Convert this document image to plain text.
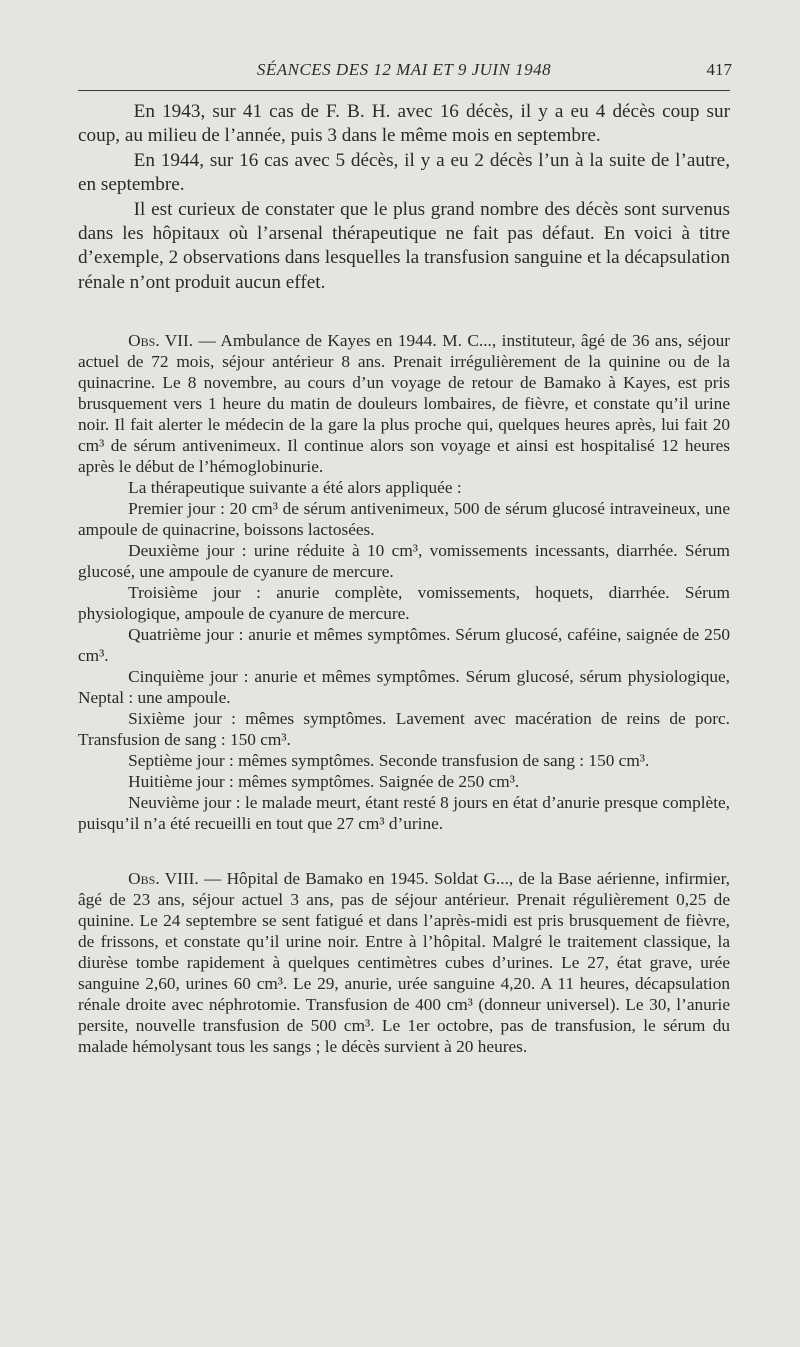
SÉANCES DES 12 MAI ET 9 JUIN 1948	417

En 1943, sur 41 cas de F. B. H. avec 16 décès, il y a eu 4 décès coup sur coup, au milieu de l’année, puis 3 dans le même mois en septembre.

En 1944, sur 16 cas avec 5 décès, il y a eu 2 décès l’un à la suite de l’autre, en septembre.

Il est curieux de constater que le plus grand nombre des décès sont survenus dans les hôpitaux où l’arsenal thérapeutique ne fait pas défaut. En voici à titre d’exemple, 2 observations dans lesquelles la transfusion sanguine et la décapsulation rénale n’ont produit aucun effet.

Obs. VII. — Ambulance de Kayes en 1944. M. C..., instituteur, âgé de 36 ans, séjour actuel de 72 mois, séjour antérieur 8 ans. Prenait irrégulièrement de la quinine ou de la quinacrine. Le 8 novembre, au cours d’un voyage de retour de Bamako à Kayes, est pris brusquement vers 1 heure du matin de douleurs lombaires, de fièvre, et constate qu’il urine noir. Il fait alerter le médecin de la gare la plus proche qui, quelques heures après, lui fait 20 cm³ de sérum antivenimeux. Il continue alors son voyage et ainsi est hospitalisé 12 heures après le début de l’hémoglobinurie.

La thérapeutique suivante a été alors appliquée :

Premier jour : 20 cm³ de sérum antivenimeux, 500 de sérum glucosé intraveineux, une ampoule de quinacrine, boissons lactosées.

Deuxième jour : urine réduite à 10 cm³, vomissements incessants, diarrhée. Sérum glucosé, une ampoule de cyanure de mercure.

Troisième jour : anurie complète, vomissements, hoquets, diarrhée. Sérum physiologique, ampoule de cyanure de mercure.

Quatrième jour : anurie et mêmes symptômes. Sérum glucosé, caféine, saignée de 250 cm³.

Cinquième jour : anurie et mêmes symptômes. Sérum glucosé, sérum physiologique, Neptal : une ampoule.

Sixième jour : mêmes symptômes. Lavement avec macération de reins de porc. Transfusion de sang : 150 cm³.

Septième jour : mêmes symptômes. Seconde transfusion de sang : 150 cm³.

Huitième jour : mêmes symptômes. Saignée de 250 cm³.

Neuvième jour : le malade meurt, étant resté 8 jours en état d’anurie presque complète, puisqu’il n’a été recueilli en tout que 27 cm³ d’urine.

Obs. VIII. — Hôpital de Bamako en 1945. Soldat G..., de la Base aérienne, infirmier, âgé de 23 ans, séjour actuel 3 ans, pas de séjour antérieur. Prenait régulièrement 0,25 de quinine. Le 24 septembre se sent fatigué et dans l’après-midi est pris brusquement de fièvre, de frissons, et constate qu’il urine noir. Entre à l’hôpital. Malgré le traitement classique, la diurèse tombe rapidement à quelques centimètres cubes d’urines. Le 27, état grave, urée sanguine 2,60, urines 60 cm³. Le 29, anurie, urée sanguine 4,20. A 11 heures, décapsulation rénale droite avec néphrotomie. Transfusion de 400 cm³ (donneur universel). Le 30, l’anurie persite, nouvelle transfusion de 500 cm³. Le 1er octobre, pas de transfusion, le sérum du malade hémolysant tous les sangs ; le décès survient à 20 heures.
